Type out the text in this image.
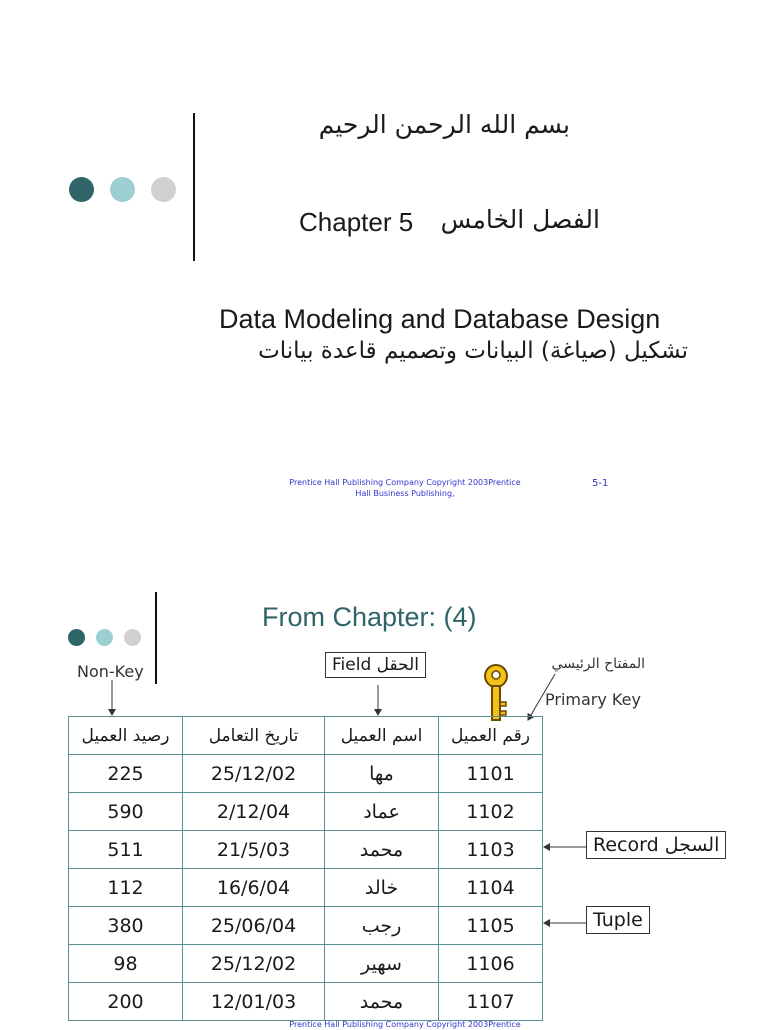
بسم الله الرحمن الرحيم
Chapter 5 الفصل الخامس
Data Modeling and Database Design
تشكيل (صياغة) البيانات وتصميم قاعدة بيانات
Prentice Hall Publishing Company Copyright 2003Prentice
Hall Business Publishing,
5-1
From Chapter: (4)
Non-Key	Field الحقل	المفتاح الرئيسي
Primary Key
Record السجل
Tuple
رصيد العميل	تاريخ التعامل	اسم العميل	رقم العميل
225	25/12/02	مها	1101
590	2/12/04	عماد	1102
511	21/5/03	محمد	1103
112	16/6/04	خالد	1104
380	25/06/04	رجب	1105
98	25/12/02	سهير	1106
200	12/01/03	محمد	1107
Prentice Hall Publishing Company Copyright 2003Prentice
